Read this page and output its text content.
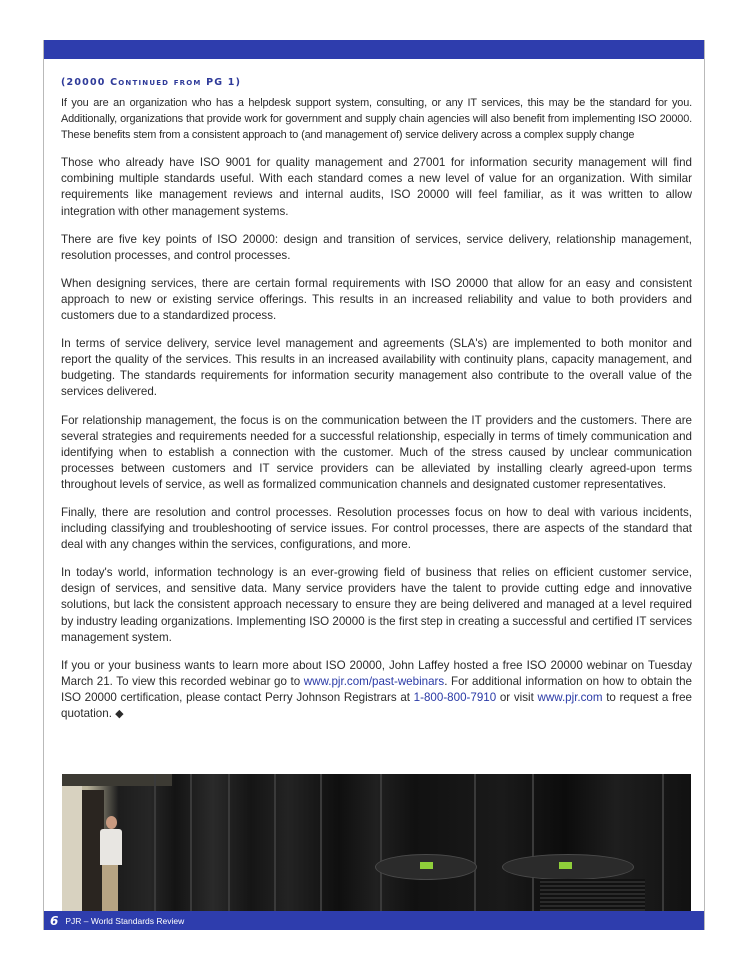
(20000 Continued from PG 1)

If you are an organization who has a helpdesk support system, consulting, or any IT services, this may be the standard for you. Additionally, organizations that provide work for government and supply chain agencies will also benefit from implementing ISO 20000. These benefits stem from a consistent approach to (and management of) service delivery across a complex supply change

Those who already have ISO 9001 for quality management and 27001 for information security management will find combining multiple standards useful. With each standard comes a new level of value for an organization. With similar requirements like management reviews and internal audits, ISO 20000 will feel familiar, as it was written to allow integration with other management systems.

There are five key points of ISO 20000: design and transition of services, service delivery, relationship management, resolution processes, and control processes.

When designing services, there are certain formal requirements with ISO 20000 that allow for an easy and consistent approach to new or existing service offerings. This results in an increased reliability and value to both providers and customers due to a standardized process.

In terms of service delivery, service level management and agreements (SLA's) are implemented to both monitor and report the quality of the services. This results in an increased availability with continuity plans, capacity management, and budgeting. The standards requirements for information security management also contribute to the overall value of the services delivered.

For relationship management, the focus is on the communication between the IT providers and the customers. There are several strategies and requirements needed for a successful relationship, especially in terms of timely communication and identifying when to establish a connection with the customer. Much of the stress caused by unclear communication processes between customers and IT service providers can be alleviated by installing clearly agreed-upon terms throughout levels of service, as well as formalized communication channels and designated customer representatives.

Finally, there are resolution and control processes. Resolution processes focus on how to deal with various incidents, including classifying and troubleshooting of service issues. For control processes, there are aspects of the standard that deal with any changes within the services, configurations, and more.

In today's world, information technology is an ever-growing field of business that relies on efficient customer service, design of services, and sensitive data. Many service providers have the talent to provide cutting edge and innovative solutions, but lack the consistent approach necessary to ensure they are being delivered and managed at a level required by industry leading organizations. Implementing ISO 20000 is the first step in creating a successful and certified IT services management system.

If you or your business wants to learn more about ISO 20000, John Laffey hosted a free ISO 20000 webinar on Tuesday March 21. To view this recorded webinar go to www.pjr.com/past-webinars. For additional information on how to obtain the ISO 20000 certification, please contact Perry Johnson Registrars at 1-800-800-7910 or visit www.pjr.com to request a free quotation. ◆

6 PJR – World Standards Review
